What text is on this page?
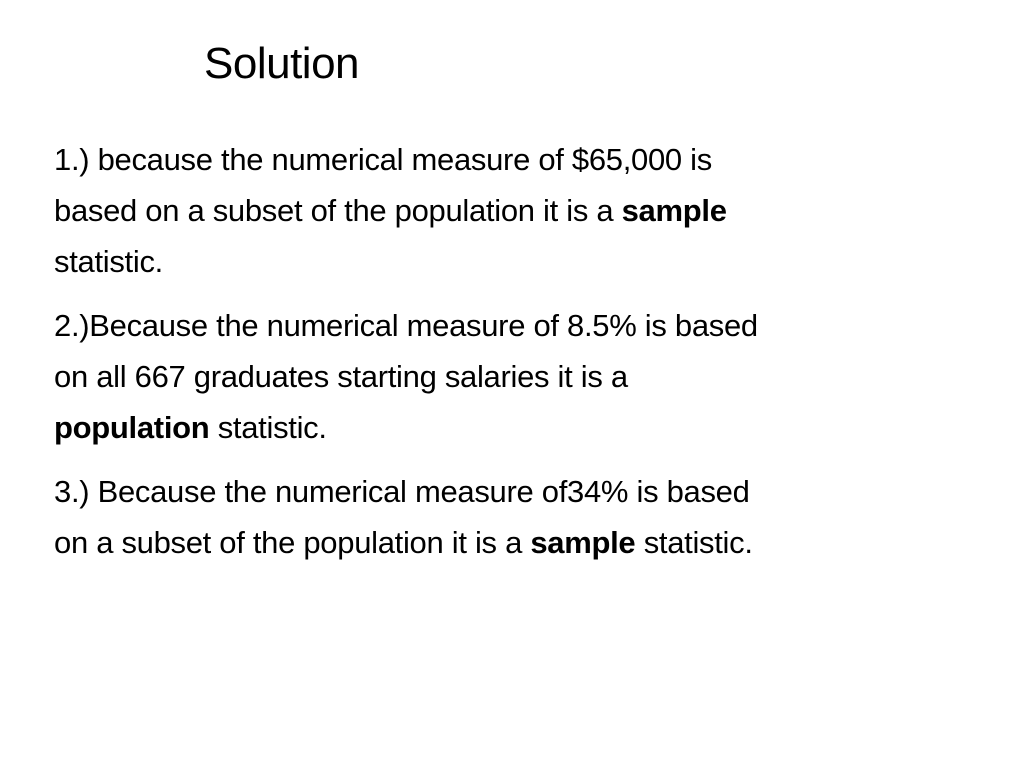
Solution

1.) because the numerical measure of $65,000 is
based on a subset of the population it is a sample
statistic.

2.)Because the numerical measure of 8.5% is based
on all 667 graduates starting salaries it is a
population statistic.

3.) Because the numerical measure of34% is based
on a subset of the population it is a sample statistic.
